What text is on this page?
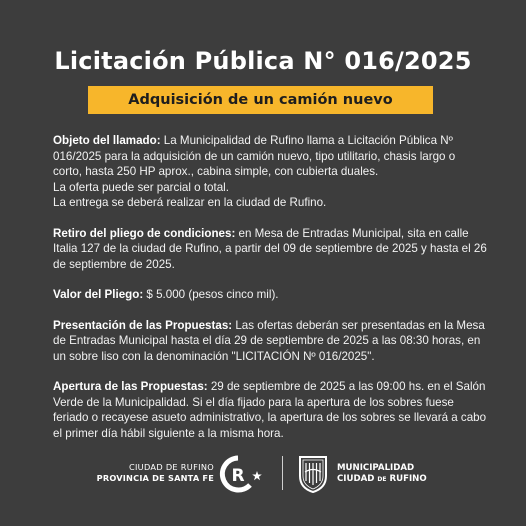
Licitación Pública N° 016/2025
Adquisición de un camión nuevo
Objeto del llamado: La Municipalidad de Rufino llama a Licitación Pública Nº
016/2025 para la adquisición de un camión nuevo, tipo utilitario, chasis largo o
corto, hasta 250 HP aprox., cabina simple, con cubierta duales.
La oferta puede ser parcial o total.
La entrega se deberá realizar en la ciudad de Rufino.
Retiro del pliego de condiciones: en Mesa de Entradas Municipal, sita en calle
Italia 127 de la ciudad de Rufino, a partir del 09 de septiembre de 2025 y hasta el 26
de septiembre de 2025.
Valor del Pliego: $ 5.000 (pesos cinco mil).
Presentación de las Propuestas: Las ofertas deberán ser presentadas en la Mesa
de Entradas Municipal hasta el día 29 de septiembre de 2025 a las 08:30 horas, en
un sobre liso con la denominación "LICITACIÓN Nº 016/2025".
Apertura de las Propuestas: 29 de septiembre de 2025 a las 09:00 hs. en el Salón
Verde de la Municipalidad. Si el día fijado para la apertura de los sobres fuese
feriado o recayese asueto administrativo, la apertura de los sobres se llevará a cabo
el primer día hábil siguiente a la misma hora.
CIUDAD DE RUFINO
PROVINCIA DE SANTA FE R	MUNICIPALIDAD
CIUDAD DE RUFINO
